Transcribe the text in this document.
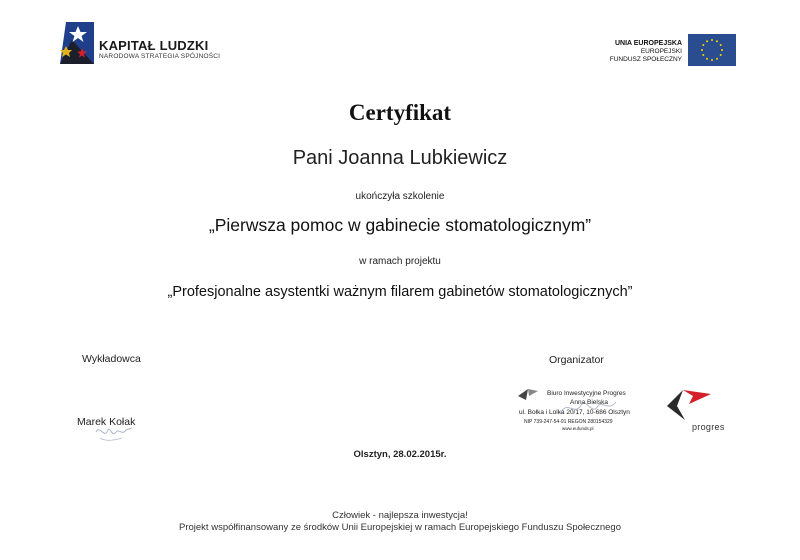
KAPITAŁ LUDZKI
NARODOWA STRATEGIA SPÓJNOŚCI
UNIA EUROPEJSKA
EUROPEJSKI
FUNDUSZ SPOŁECZNY
Certyfikat
Pani Joanna Lubkiewicz
ukończyła szkolenie
„Pierwsza pomoc w gabinecie stomatologicznym”
w ramach projektu
„Profesjonalne asystentki ważnym filarem gabinetów stomatologicznych”
Wykładowca
Marek Kołak
Organizator
Biuro Inwestycyjne Progres
Anna Bielska
ul. Bołka i Lolka 20/17, 10-686 Olsztyn
NIP 739-247-54-91 REGON 280154329
www.eufunds.pl	progres
Olsztyn, 28.02.2015r.
Człowiek - najlepsza inwestycja!
Projekt współfinansowany ze środków Unii Europejskiej w ramach Europejskiego Funduszu Społecznego
